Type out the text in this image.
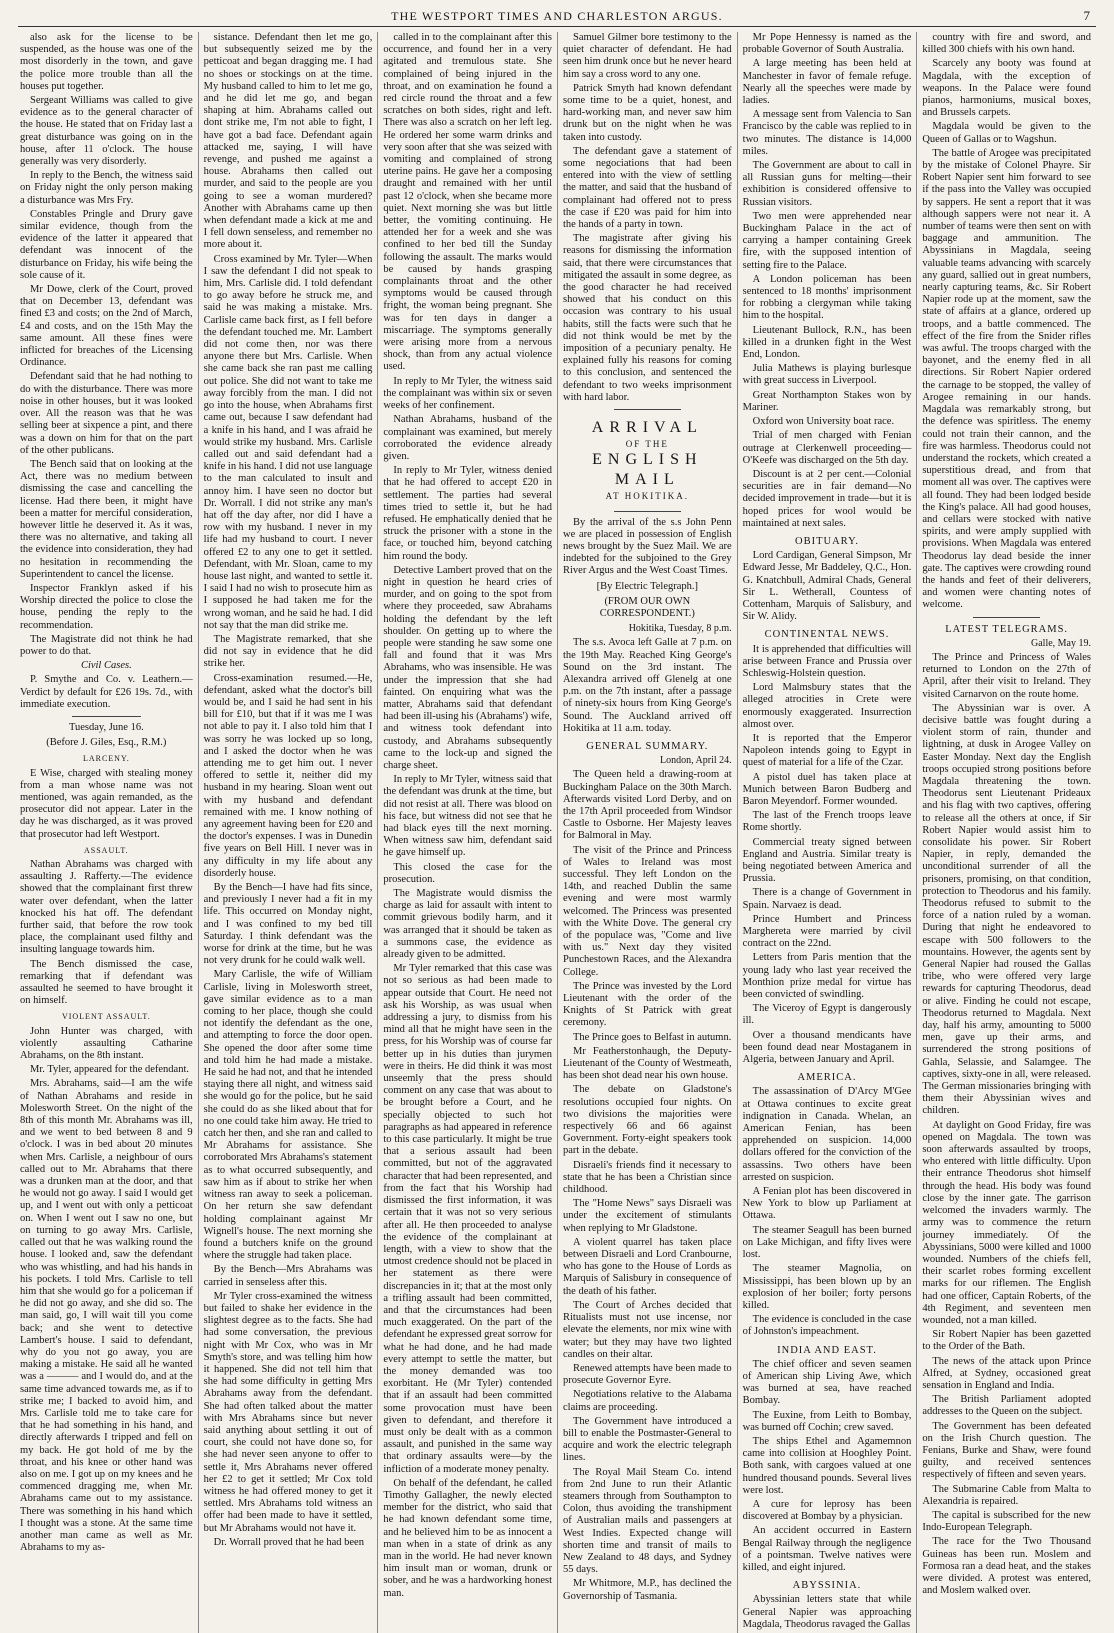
THE WESTPORT TIMES AND CHARLESTON ARGUS.	7

also ask for the license to be suspended, as the house was one of the most disorderly in the town, and gave the police more trouble than all the houses put together.

Sergeant Williams was called to give evidence as to the general character of the house. He stated that on Friday last a great disturbance was going on in the house, after 11 o'clock. The house generally was very disorderly.

In reply to the Bench, the witness said on Friday night the only person making a disturbance was Mrs Fry.

Constables Pringle and Drury gave similar evidence, though from the evidence of the latter it appeared that defendant was innocent of the disturbance on Friday, his wife being the sole cause of it.

Mr Dowe, clerk of the Court, proved that on December 13, defendant was fined £3 and costs; on the 2nd of March, £4 and costs, and on the 15th May the same amount. All these fines were inflicted for breaches of the Licensing Ordinance.

Defendant said that he had nothing to do with the disturbance. There was more noise in other houses, but it was looked over. All the reason was that he was selling beer at sixpence a pint, and there was a down on him for that on the part of the other publicans.

The Bench said that on looking at the Act, there was no medium between dismissing the case and cancelling the license. Had there been, it might have been a matter for merciful consideration, however little he deserved it. As it was, there was no alternative, and taking all the evidence into consideration, they had no hesitation in recommending the Superintendent to cancel the license.

Inspector Franklyn asked if his Worship directed the police to close the house, pending the reply to the recommendation.

The Magistrate did not think he had power to do that.

Civil Cases.

P. Smythe and Co. v. Leathern.—Verdict by default for £26 19s. 7d., with immediate execution.

Tuesday, June 16.

(Before J. Giles, Esq., R.M.)

LARCENY.

E Wise, charged with stealing money from a man whose name was not mentioned, was again remanded, as the prosecutor did not appear. Later in the day he was discharged, as it was proved that prosecutor had left Westport.

ASSAULT.

Nathan Abrahams was charged with assaulting J. Rafferty.—The evidence showed that the complainant first threw water over defendant, when the latter knocked his hat off. The defendant further said, that before the row took place, the complainant used filthy and insulting language towards him.

The Bench dismissed the case, remarking that if defendant was assaulted he seemed to have brought it on himself.

VIOLENT ASSAULT.

John Hunter was charged, with violently assaulting Catharine Abrahams, on the 8th instant.

Mr. Tyler, appeared for the defendant.

Mrs. Abrahams, said—I am the wife of Nathan Abrahams and reside in Molesworth Street. On the night of the 8th of this month Mr. Abrahams was ill, and we went to bed between 8 and 9 o'clock. I was in bed about 20 minutes when Mrs. Carlisle, a neighbour of ours called out to Mr. Abrahams that there was a drunken man at the door, and that he would not go away. I said I would get up, and I went out with only a petticoat on. When I went out I saw no one, but on turning to go away Mrs. Carlisle, called out that he was walking round the house. I looked and, saw the defendant who was whistling, and had his hands in his pockets. I told Mrs. Carlisle to tell him that she would go for a policeman if he did not go away, and she did so. The man said, go, I will wait till you come back; and she went to detective Lambert's house. I said to defendant, why do you not go away, you are making a mistake. He said all he wanted was a ——— and I would do, and at the same time advanced towards me, as if to strike me; I backed to avoid him, and Mrs. Carlisle told me to take care for that he had something in his hand, and directly afterwards I tripped and fell on my back. He got hold of me by the throat, and his knee or other hand was also on me. I got up on my knees and he commenced dragging me, when Mr. Abrahams came out to my assistance. There was something in his hand which I thought was a stone. At the same time another man came as well as Mr. Abrahams to my as-

sistance. Defendant then let me go, but subsequently seized me by the petticoat and began dragging me. I had no shoes or stockings on at the time. My husband called to him to let me go, and he did let me go, and began shaping at him. Abrahams called out dont strike me, I'm not able to fight, I have got a bad face. Defendant again attacked me, saying, I will have revenge, and pushed me against a house. Abrahams then called out murder, and said to the people are you going to see a woman murdered? Another with Abrahams came up then when defendant made a kick at me and I fell down senseless, and remember no more about it.

Cross examined by Mr. Tyler—When I saw the defendant I did not speak to him, Mrs. Carlisle did. I told defendant to go away before he struck me, and said he was making a mistake. Mrs. Carlisle came back first, as I fell before the defendant touched me. Mr. Lambert did not come then, nor was there anyone there but Mrs. Carlisle. When she came back she ran past me calling out police. She did not want to take me away forcibly from the man. I did not go into the house, when Abrahams first came out, because I saw defendant had a knife in his hand, and I was afraid he would strike my husband. Mrs. Carlisle called out and said defendant had a knife in his hand. I did not use language to the man calculated to insult and annoy him. I have seen no doctor but Dr. Worrall. I did not strike any man's hat off the day after, nor did I have a row with my husband. I never in my life had my husband to court. I never offered £2 to any one to get it settled. Defendant, with Mr. Sloan, came to my house last night, and wanted to settle it. I said I had no wish to prosecute him as I supposed he had taken me for the wrong woman, and he said he had. I did not say that the man did strike me.

The Magistrate remarked, that she did not say in evidence that he did strike her.

Cross-examination resumed.—He, defendant, asked what the doctor's bill would be, and I said he had sent in his bill for £10, but that if it was me I was not able to pay it. I also told him that I was sorry he was locked up so long, and I asked the doctor when he was attending me to get him out. I never offered to settle it, neither did my husband in my hearing. Sloan went out with my husband and defendant remained with me. I know nothing of any agreement having been for £20 and the doctor's expenses. I was in Dunedin five years on Bell Hill. I never was in any difficulty in my life about any disorderly house.

By the Bench—I have had fits since, and previously I never had a fit in my life. This occurred on Monday night, and I was confined to my bed till Saturday. I think defendant was the worse for drink at the time, but he was not very drunk for he could walk well.

Mary Carlisle, the wife of William Carlisle, living in Molesworth street, gave similar evidence as to a man coming to her place, though she could not identify the defendant as the one, and attempting to force the door open. She opened the door after some time and told him he had made a mistake. He said he had not, and that he intended staying there all night, and witness said she would go for the police, but he said she could do as she liked about that for no one could take him away. He tried to catch her then, and she ran and called to Mr Abrahams for assistance. She corroborated Mrs Abrahams's statement as to what occurred subsequently, and saw him as if about to strike her when witness ran away to seek a policeman. On her return she saw defendant holding complainant against Mr Wignell's house. The next morning she found a butchers knife on the ground where the struggle had taken place.

By the Bench—Mrs Abrahams was carried in senseless after this.

Mr Tyler cross-examined the witness but failed to shake her evidence in the slightest degree as to the facts. She had had some conversation, the previous night with Mr Cox, who was in Mr Smyth's store, and was telling him how it happened. She did not tell him that she had some difficulty in getting Mrs Abrahams away from the defendant. She had often talked about the matter with Mrs Abrahams since but never said anything about settling it out of court, she could not have done so, for she had never seen anyone to offer to settle it, Mrs Abrahams never offered her £2 to get it settled; Mr Cox told witness he had offered money to get it settled. Mrs Abrahams told witness an offer had been made to have it settled, but Mr Abrahams would not have it.

Dr. Worrall proved that he had been

called in to the complainant after this occurrence, and found her in a very agitated and tremulous state. She complained of being injured in the throat, and on examination he found a red circle round the throat and a few scratches on both sides, right and left. There was also a scratch on her left leg. He ordered her some warm drinks and very soon after that she was seized with vomiting and complained of strong uterine pains. He gave her a composing draught and remained with her until past 12 o'clock, when she became more quiet. Next morning she was but little better, the vomiting continuing. He attended her for a week and she was confined to her bed till the Sunday following the assault. The marks would be caused by hands grasping complainants throat and the other symptoms would be caused through fright, the woman being pregnant. She was for ten days in danger a miscarriage. The symptoms generally were arising more from a nervous shock, than from any actual violence used.

In reply to Mr Tyler, the witness said the complainant was within six or seven weeks of her confinement.

Nathan Abrahams, husband of the complainant was examined, but merely corroborated the evidence already given.

In reply to Mr Tyler, witness denied that he had offered to accept £20 in settlement. The parties had several times tried to settle it, but he had refused. He emphatically denied that he struck the prisoner with a stone in the face, or touched him, beyond catching him round the body.

Detective Lambert proved that on the night in question he heard cries of murder, and on going to the spot from where they proceeded, saw Abrahams holding the defendant by the left shoulder. On getting up to where the people were standing he saw some one fall and found that it was Mrs Abrahams, who was insensible. He was under the impression that she had fainted. On enquiring what was the matter, Abrahams said that defendant had been ill-using his (Abrahams') wife, and witness took defendant into custody, and Abrahams subsequently came to the lock-up and signed the charge sheet.

In reply to Mr Tyler, witness said that the defendant was drunk at the time, but did not resist at all. There was blood on his face, but witness did not see that he had black eyes till the next morning. When witness saw him, defendant said he gave himself up.

This closed the case for the prosecution.

The Magistrate would dismiss the charge as laid for assault with intent to commit grievous bodily harm, and it was arranged that it should be taken as a summons case, the evidence as already given to be admitted.

Mr Tyler remarked that this case was not so serious as had been made to appear outside that Court. He need not ask his Worship, as was usual when addressing a jury, to dismiss from his mind all that he might have seen in the press, for his Worship was of course far better up in his duties than jurymen were in theirs. He did think it was most unseemly that the press should comment on any case that was about to be brought before a Court, and he specially objected to such hot paragraphs as had appeared in reference to this case particularly. It might be true that a serious assault had been committed, but not of the aggravated character that had been represented, and from the fact that his Worship had dismissed the first information, it was certain that it was not so very serious after all. He then proceeded to analyse the evidence of the complainant at length, with a view to show that the utmost credence should not be placed in her statement as there were discrepancies in it; that at the most only a trifling assault had been committed, and that the circumstances had been much exaggerated. On the part of the defendant he expressed great sorrow for what he had done, and he had made every attempt to settle the matter, but the money demanded was too exorbitant. He (Mr Tyler) contended that if an assault had been committed some provocation must have been given to defendant, and therefore it must only be dealt with as a common assault, and punished in the same way that ordinary assaults were—by the infliction of a moderate money penalty.

On behalf of the defendant, he called Timothy Gallagher, the newly elected member for the district, who said that he had known defendant some time, and he believed him to be as innocent a man when in a state of drink as any man in the world. He had never known him insult man or woman, drunk or sober, and he was a hardworking honest man.

Samuel Gilmer bore testimony to the quiet character of defendant. He had seen him drunk once but he never heard him say a cross word to any one.

Patrick Smyth had known defendant some time to be a quiet, honest, and hard-working man, and never saw him drunk but on the night when he was taken into custody.

The defendant gave a statement of some negociations that had been entered into with the view of settling the matter, and said that the husband of complainant had offered not to press the case if £20 was paid for him into the hands of a party in town.

The magistrate after giving his reasons for dismissing the information said, that there were circumstances that mitigated the assault in some degree, as the good character he had received showed that his conduct on this occasion was contrary to his usual habits, still the facts were such that he did not think would be met by the imposition of a pecuniary penalty. He explained fully his reasons for coming to this conclusion, and sentenced the defendant to two weeks imprisonment with hard labor.

ARRIVAL
OF THE
ENGLISH MAIL
AT HOKITIKA.

By the arrival of the s.s John Penn we are placed in possession of English news brought by the Suez Mail. We are indebted for the subjoined to the Grey River Argus and the West Coast Times.

[By Electric Telegraph.]

(FROM OUR OWN CORRESPONDENT.)

Hokitika, Tuesday, 8 p.m.

The s.s. Avoca left Galle at 7 p.m. on the 19th May. Reached King George's Sound on the 3rd instant. The Alexandra arrived off Glenelg at one p.m. on the 7th instant, after a passage of ninety-six hours from King George's Sound. The Auckland arrived off Hokitika at 11 a.m. today.

GENERAL SUMMARY.

London, April 24.

The Queen held a drawing-room at Buckingham Palace on the 30th March. Afterwards visited Lord Derby, and on the 17th April proceeded from Windsor Castle to Osborne. Her Majesty leaves for Balmoral in May.

The visit of the Prince and Princess of Wales to Ireland was most successful. They left London on the 14th, and reached Dublin the same evening and were most warmly welcomed. The Princess was presented with the White Dove. The general cry of the populace was, "Come and live with us." Next day they visited Punchestown Races, and the Alexandra College.

The Prince was invested by the Lord Lieutenant with the order of the Knights of St Patrick with great ceremony.

The Prince goes to Belfast in autumn.

Mr Featherstonhaugh, the Deputy-Lieutenant of the County of Westmeath, has been shot dead near his own house.

The debate on Gladstone's resolutions occupied four nights. On two divisions the majorities were respectively 66 and 66 against Government. Forty-eight speakers took part in the debate.

Disraeli's friends find it necessary to state that he has been a Christian since childhood.

The "Home News" says Disraeli was under the excitement of stimulants when replying to Mr Gladstone.

A violent quarrel has taken place between Disraeli and Lord Cranbourne, who has gone to the House of Lords as Marquis of Salisbury in consequence of the death of his father.

The Court of Arches decided that Ritualists must not use incense, nor elevate the elements, nor mix wine with water; but they may have two lighted candles on their altar.

Renewed attempts have been made to prosecute Governor Eyre.

Negotiations relative to the Alabama claims are proceeding.

The Government have introduced a bill to enable the Postmaster-General to acquire and work the electric telegraph lines.

The Royal Mail Steam Co. intend from 2nd June to run their Atlantic steamers through from Southampton to Colon, thus avoiding the transhipment of Australian mails and passengers at West Indies. Expected change will shorten time and transit of mails to New Zealand to 48 days, and Sydney 55 days.

Mr Whitmore, M.P., has declined the Governorship of Tasmania.

Mr Pope Hennessy is named as the probable Governor of South Australia.

A large meeting has been held at Manchester in favor of female refuge. Nearly all the speeches were made by ladies.

A message sent from Valencia to San Francisco by the cable was replied to in two minutes. The distance is 14,000 miles.

The Government are about to call in all Russian guns for melting—their exhibition is considered offensive to Russian visitors.

Two men were apprehended near Buckingham Palace in the act of carrying a hamper containing Greek fire, with the supposed intention of setting fire to the Palace.

A London policeman has been sentenced to 18 months' imprisonment for robbing a clergyman while taking him to the hospital.

Lieutenant Bullock, R.N., has been killed in a drunken fight in the West End, London.

Julia Mathews is playing burlesque with great success in Liverpool.

Great Northampton Stakes won by Mariner.

Oxford won University boat race.

Trial of men charged with Fenian outrage at Clerkenwell proceeding—O'Keefe was discharged on the 5th day.

Discount is at 2 per cent.—Colonial securities are in fair demand—No decided improvement in trade—but it is hoped prices for wool would be maintained at next sales.

OBITUARY.

Lord Cardigan, General Simpson, Mr Edward Jesse, Mr Baddeley, Q.C., Hon. G. Knatchbull, Admiral Chads, General Sir L. Wetherall, Countess of Cottenham, Marquis of Salisbury, and Sir W. Alidy.

CONTINENTAL NEWS.

It is apprehended that difficulties will arise between France and Prussia over Schleswig-Holstein question.

Lord Malmsbury states that the alleged atrocities in Crete were enormously exaggerated. Insurrection almost over.

It is reported that the Emperor Napoleon intends going to Egypt in quest of material for a life of the Czar.

A pistol duel has taken place at Munich between Baron Budberg and Baron Meyendorf. Former wounded.

The last of the French troops leave Rome shortly.

Commercial treaty signed between England and Austria. Similar treaty is being negotiated between America and Prussia.

There is a change of Government in Spain. Narvaez is dead.

Prince Humbert and Princess Marghereta were married by civil contract on the 22nd.

Letters from Paris mention that the young lady who last year received the Monthion prize medal for virtue has been convicted of swindling.

The Viceroy of Egypt is dangerously ill.

Over a thousand mendicants have been found dead near Mostaganem in Algeria, between January and April.

AMERICA.

The assassination of D'Arcy M'Gee at Ottawa continues to excite great indignation in Canada. Whelan, an American Fenian, has been apprehended on suspicion. 14,000 dollars offered for the conviction of the assassins. Two others have been arrested on suspicion.

A Fenian plot has been discovered in New York to blow up Parliament at Ottawa.

The steamer Seagull has been burned on Lake Michigan, and fifty lives were lost.

The steamer Magnolia, on Mississippi, has been blown up by an explosion of her boiler; forty persons killed.

The evidence is concluded in the case of Johnston's impeachment.

INDIA AND EAST.

The chief officer and seven seamen of American ship Living Awe, which was burned at sea, have reached Bombay.

The Euxine, from Leith to Bombay, was burned off Cochin; crew saved.

The ships Ethel and Agamemnon came into collision at Hooghley Point. Both sank, with cargoes valued at one hundred thousand pounds. Several lives were lost.

A cure for leprosy has been discovered at Bombay by a physician.

An accident occurred in Eastern Bengal Railway through the negligence of a pointsman. Twelve natives were killed, and eight injured.

ABYSSINIA.

Abyssinian letters state that while General Napier was approaching Magdala, Theodorus ravaged the Gallas

country with fire and sword, and killed 300 chiefs with his own hand.

Scarcely any booty was found at Magdala, with the exception of weapons. In the Palace were found pianos, harmoniums, musical boxes, and Brussels carpets.

Magdala would be given to the Queen of Gallas or to Wagshun.

The battle of Arogee was precipitated by the mistake of Colonel Phayre. Sir Robert Napier sent him forward to see if the pass into the Valley was occupied by sappers. He sent a report that it was although sappers were not near it. A number of teams were then sent on with baggage and ammunition. The Abyssinians in Magdala, seeing valuable teams advancing with scarcely any guard, sallied out in great numbers, nearly capturing teams, &c. Sir Robert Napier rode up at the moment, saw the state of affairs at a glance, ordered up troops, and a battle commenced. The effect of the fire from the Snider rifles was awful. The troops charged with the bayonet, and the enemy fled in all directions. Sir Robert Napier ordered the carnage to be stopped, the valley of Arogee remaining in our hands. Magdala was remarkably strong, but the defence was spiritless. The enemy could not train their cannon, and the fire was harmless. Theodorus could not understand the rockets, which created a superstitious dread, and from that moment all was over. The captives were all found. They had been lodged beside the King's palace. All had good houses, and cellars were stocked with native spirits, and were amply supplied with provisions. When Magdala was entered Theodorus lay dead beside the inner gate. The captives were crowding round the hands and feet of their deliverers, and women were chanting notes of welcome.

LATEST TELEGRAMS.

Galle, May 19.

The Prince and Princess of Wales returned to London on the 27th of April, after their visit to Ireland. They visited Carnarvon on the route home.

The Abyssinian war is over. A decisive battle was fought during a violent storm of rain, thunder and lightning, at dusk in Arogee Valley on Easter Monday. Next day the English troops occupied strong positions before Magdala threatening the town. Theodorus sent Lieutenant Prideaux and his flag with two captives, offering to release all the others at once, if Sir Robert Napier would assist him to consolidate his power. Sir Robert Napier, in reply, demanded the unconditional surrender of all the prisoners, promising, on that condition, protection to Theodorus and his family. Theodorus refused to submit to the force of a nation ruled by a woman. During that night he endeavored to escape with 500 followers to the mountains. However, the agents sent by General Napier had roused the Gallas tribe, who were offered very large rewards for capturing Theodorus, dead or alive. Finding he could not escape, Theodorus returned to Magdala. Next day, half his army, amounting to 5000 men, gave up their arms, and surrendered the strong positions of Gahla, Selassie, and Salamgee. The captives, sixty-one in all, were released. The German missionaries bringing with them their Abyssinian wives and children.

At daylight on Good Friday, fire was opened on Magdala. The town was soon afterwards assaulted by troops, who entered with little difficulty. Upon their entrance Theodorus shot himself through the head. His body was found close by the inner gate. The garrison welcomed the invaders warmly. The army was to commence the return journey immediately. Of the Abyssinians, 5000 were killed and 1000 wounded. Numbers of the chiefs fell, their scarlet robes forming excellent marks for our riflemen. The English had one officer, Captain Roberts, of the 4th Regiment, and seventeen men wounded, not a man killed.

Sir Robert Napier has been gazetted to the Order of the Bath.

The news of the attack upon Prince Alfred, at Sydney, occasioned great sensation in England and India.

The British Parliament adopted addresses to the Queen on the subject.

The Government has been defeated on the Irish Church question. The Fenians, Burke and Shaw, were found guilty, and received sentences respectively of fifteen and seven years.

The Submarine Cable from Malta to Alexandria is repaired.

The capital is subscribed for the new Indo-European Telegraph.

The race for the Two Thousand Guineas has been run. Moslem and Formosa ran a dead heat, and the stakes were divided. A protest was entered, and Moslem walked over.
